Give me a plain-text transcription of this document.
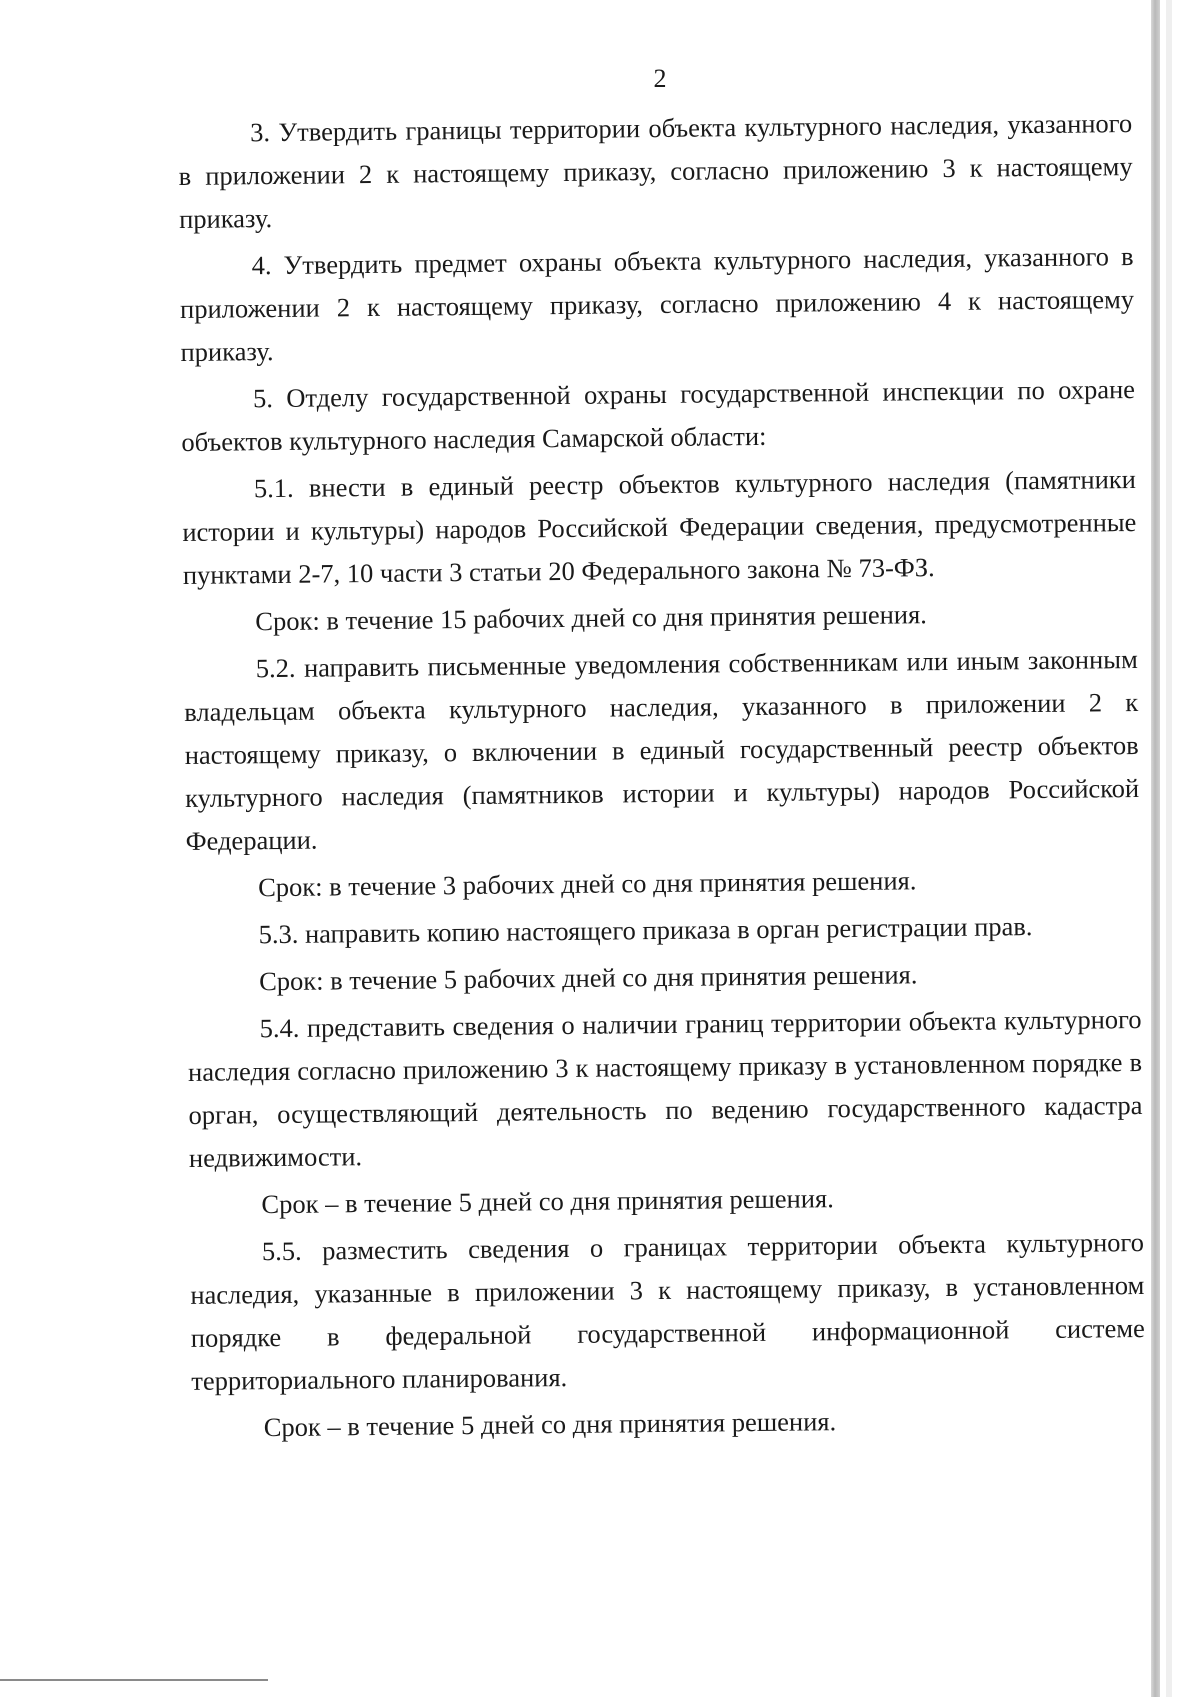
2

3. Утвердить границы территории объекта культурного наследия, указанного в приложении 2 к настоящему приказу, согласно приложению 3 к настоящему приказу.

4. Утвердить предмет охраны объекта культурного наследия, указанного в приложении 2 к настоящему приказу, согласно приложению 4 к настоящему приказу.

5. Отделу государственной охраны государственной инспекции по охране объектов культурного наследия Самарской области:

5.1. внести в единый реестр объектов культурного наследия (памятники истории и культуры) народов Российской Федерации сведения, предусмотренные пунктами 2-7, 10 части 3 статьи 20 Федерального закона № 73-ФЗ.

Срок: в течение 15 рабочих дней со дня принятия решения.

5.2. направить письменные уведомления собственникам или иным законным владельцам объекта культурного наследия, указанного в приложении 2 к настоящему приказу, о включении в единый государственный реестр объектов культурного наследия (памятников истории и культуры) народов Российской Федерации.

Срок: в течение 3 рабочих дней со дня принятия решения.

5.3. направить копию настоящего приказа в орган регистрации прав.

Срок: в течение 5 рабочих дней со дня принятия решения.

5.4. представить сведения о наличии границ территории объекта культурного наследия согласно приложению 3 к настоящему приказу в установленном порядке в орган, осуществляющий деятельность по ведению государственного кадастра недвижимости.

Срок – в течение 5 дней со дня принятия решения.

5.5. разместить сведения о границах территории объекта культурного наследия, указанные в приложении 3 к настоящему приказу, в установленном порядке в федеральной государственной информационной системе территориального планирования.

Срок – в течение 5 дней со дня принятия решения.
